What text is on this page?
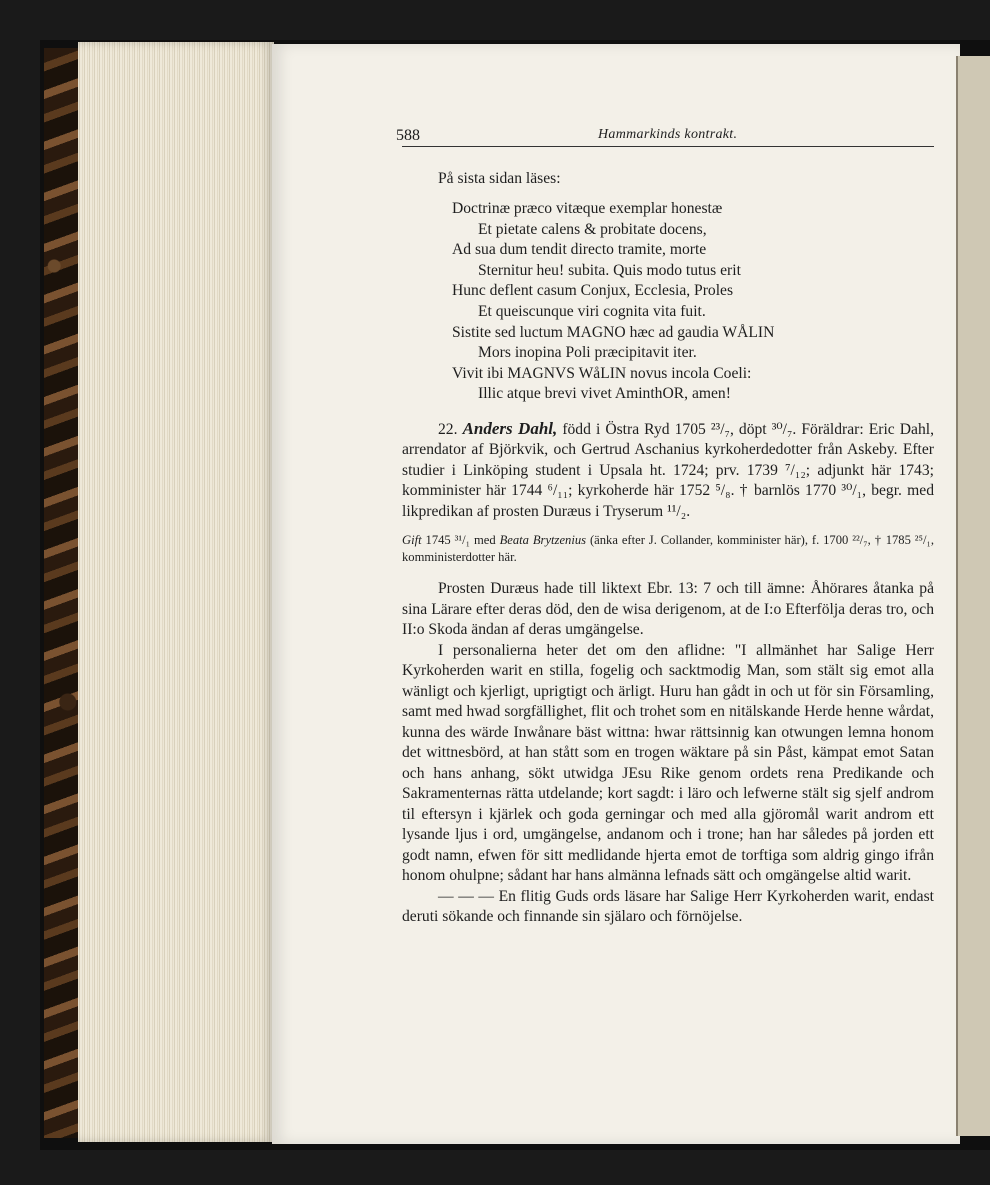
588	Hammarkinds kontrakt.
På sista sidan läses:
Doctrinæ præco vitæque exemplar honestæ
Et pietate calens & probitate docens,
Ad sua dum tendit directo tramite, morte
Sternitur heu! subita. Quis modo tutus erit
Hunc deflent casum Conjux, Ecclesia, Proles
Et queiscunque viri cognita vita fuit.
Sistite sed luctum MAGNO hæc ad gaudia WÅLIN
Mors inopina Poli præcipitavit iter.
Vivit ibi MAGNVS WåLIN novus incola Coeli:
Illic atque brevi vivet AminthOR, amen!

22. Anders Dahl, född i Östra Ryd 1705 ²³/₇, döpt ³⁰/₇. Föräldrar: Eric Dahl, arrendator af Björkvik, och Gertrud Aschanius kyrkoherdedotter från Askeby. Efter studier i Linköping student i Upsala ht. 1724; prv. 1739 ⁷/₁₂; adjunkt här 1743; komminister här 1744 ⁶/₁₁; kyrkoherde här 1752 ⁵/₈. † barnlös 1770 ³⁰/₁, begr. med likpredikan af prosten Duræus i Tryserum ¹¹/₂.

Gift 1745 ³¹/₁ med Beata Brytzenius (änka efter J. Collander, komminister här), f. 1700 ²²/₇, † 1785 ²⁵/₁, komministerdotter här.

Prosten Duræus hade till liktext Ebr. 13: 7 och till ämne: Åhörares åtanka på sina Lärare efter deras död, den de wisa derigenom, at de I:o Efterfölja deras tro, och II:o Skoda ändan af deras umgängelse.

I personalierna heter det om den aflidne: "I allmänhet har Salige Herr Kyrkoherden warit en stilla, fogelig och sacktmodig Man, som stält sig emot alla wänligt och kjerligt, uprigtigt och ärligt. Huru han gådt in och ut för sin Församling, samt med hwad sorgfällighet, flit och trohet som en nitälskande Herde henne wårdat, kunna des wärde Inwånare bäst wittna: hwar rättsinnig kan otwungen lemna honom det wittnesbörd, at han stått som en trogen wäktare på sin Påst, kämpat emot Satan och hans anhang, sökt utwidga JEsu Rike genom ordets rena Predikande och Sakramenternas rätta utdelande; kort sagdt: i läro och lefwerne stält sig sjelf androm til eftersyn i kjärlek och goda gerningar och med alla gjöromål warit androm ett lysande ljus i ord, umgängelse, andanom och i trone; han har således på jorden ett godt namn, efwen för sitt medlidande hjerta emot de torftiga som aldrig gingo ifrån honom ohulpne; sådant har hans almänna lefnads sätt och omgängelse altid warit.

— — — En flitig Guds ords läsare har Salige Herr Kyrkoherden warit, endast deruti sökande och finnande sin själaro och förnöjelse.
